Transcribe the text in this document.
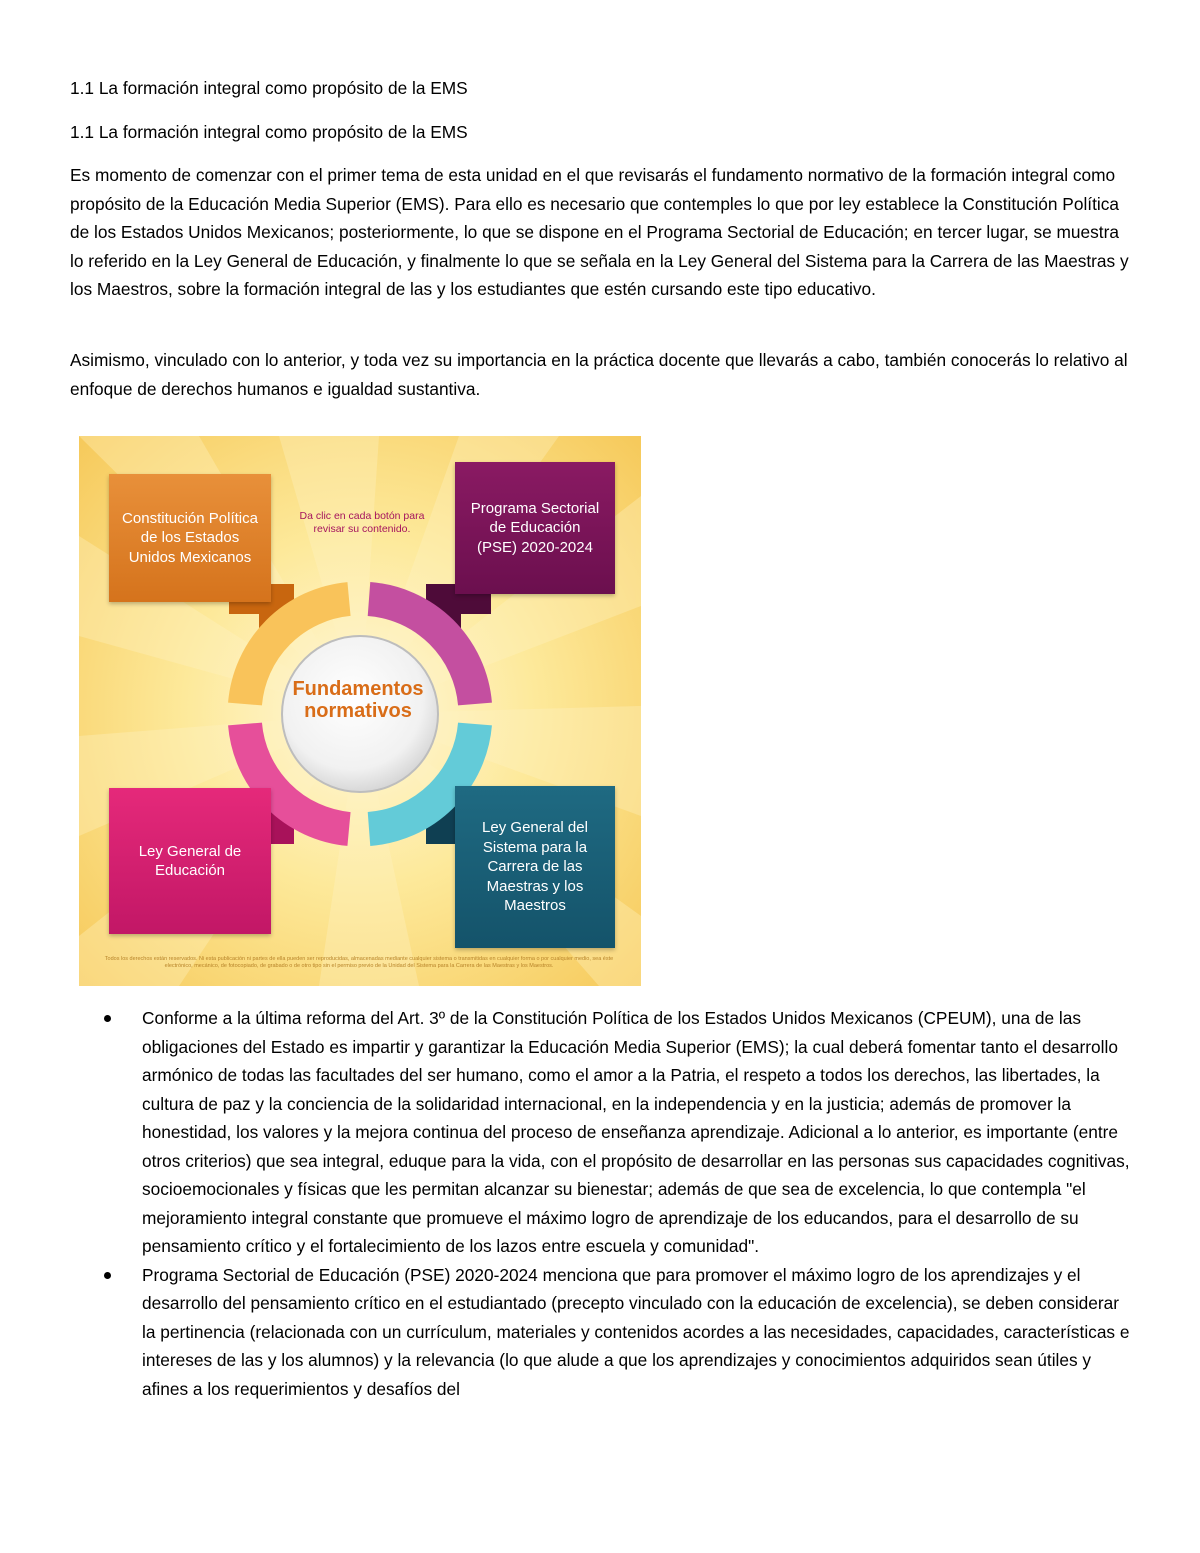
1.1 La formación integral como propósito de la EMS

1.1 La formación integral como propósito de la EMS

Es momento de comenzar con el primer tema de esta unidad en el que revisarás el fundamento normativo de la formación integral como propósito de la Educación Media Superior (EMS). Para ello es necesario que contemples lo que por ley establece la Constitución Política de los Estados Unidos Mexicanos; posteriormente, lo que se dispone en el Programa Sectorial de Educación; en tercer lugar, se muestra lo referido en la Ley General de Educación, y finalmente lo que se señala en la Ley General del Sistema para la Carrera de las Maestras y los Maestros, sobre la formación integral de las y los estudiantes que estén cursando este tipo educativo.

Asimismo, vinculado con lo anterior, y toda vez su importancia en la práctica docente que llevarás a cabo, también conocerás lo relativo al enfoque de derechos humanos e igualdad sustantiva.

Constitución Política de los Estados Unidos Mexicanos
Programa Sectorial de Educación (PSE) 2020-2024
Ley General de Educación
Ley General del Sistema para la Carrera de las Maestras y los Maestros
Da clic en cada botón para revisar su contenido.
Fundamentos normativos
Todos los derechos están reservados. Ni esta publicación ni partes de ella pueden ser reproducidas, almacenadas mediante cualquier sistema o transmitidas en cualquier forma o por cualquier medio, sea éste electrónico, mecánico, de fotocopiado, de grabado o de otro tipo sin el permiso previo de la Unidad del Sistema para la Carrera de las Maestras y los Maestros.
Conforme a la última reforma del Art. 3º de la Constitución Política de los Estados Unidos Mexicanos (CPEUM), una de las obligaciones del Estado es impartir y garantizar la Educación Media Superior (EMS); la cual deberá fomentar tanto el desarrollo armónico de todas las facultades del ser humano, como el amor a la Patria, el respeto a todos los derechos, las libertades, la cultura de paz y la conciencia de la solidaridad internacional, en la independencia y en la justicia; además de promover la honestidad, los valores y la mejora continua del proceso de enseñanza aprendizaje. Adicional a lo anterior, es importante (entre otros criterios) que sea integral, eduque para la vida, con el propósito de desarrollar en las personas sus capacidades cognitivas, socioemocionales y físicas que les permitan alcanzar su bienestar; además de que sea de excelencia, lo que contempla "el mejoramiento integral constante que promueve el máximo logro de aprendizaje de los educandos, para el desarrollo de su pensamiento crítico y el fortalecimiento de los lazos entre escuela y comunidad".
Programa Sectorial de Educación (PSE) 2020-2024 menciona que para promover el máximo logro de los aprendizajes y el desarrollo del pensamiento crítico en el estudiantado (precepto vinculado con la educación de excelencia), se deben considerar la pertinencia (relacionada con un currículum, materiales y contenidos acordes a las necesidades, capacidades, características e intereses de las y los alumnos) y la relevancia (lo que alude a que los aprendizajes y conocimientos adquiridos sean útiles y afines a los requerimientos y desafíos del
